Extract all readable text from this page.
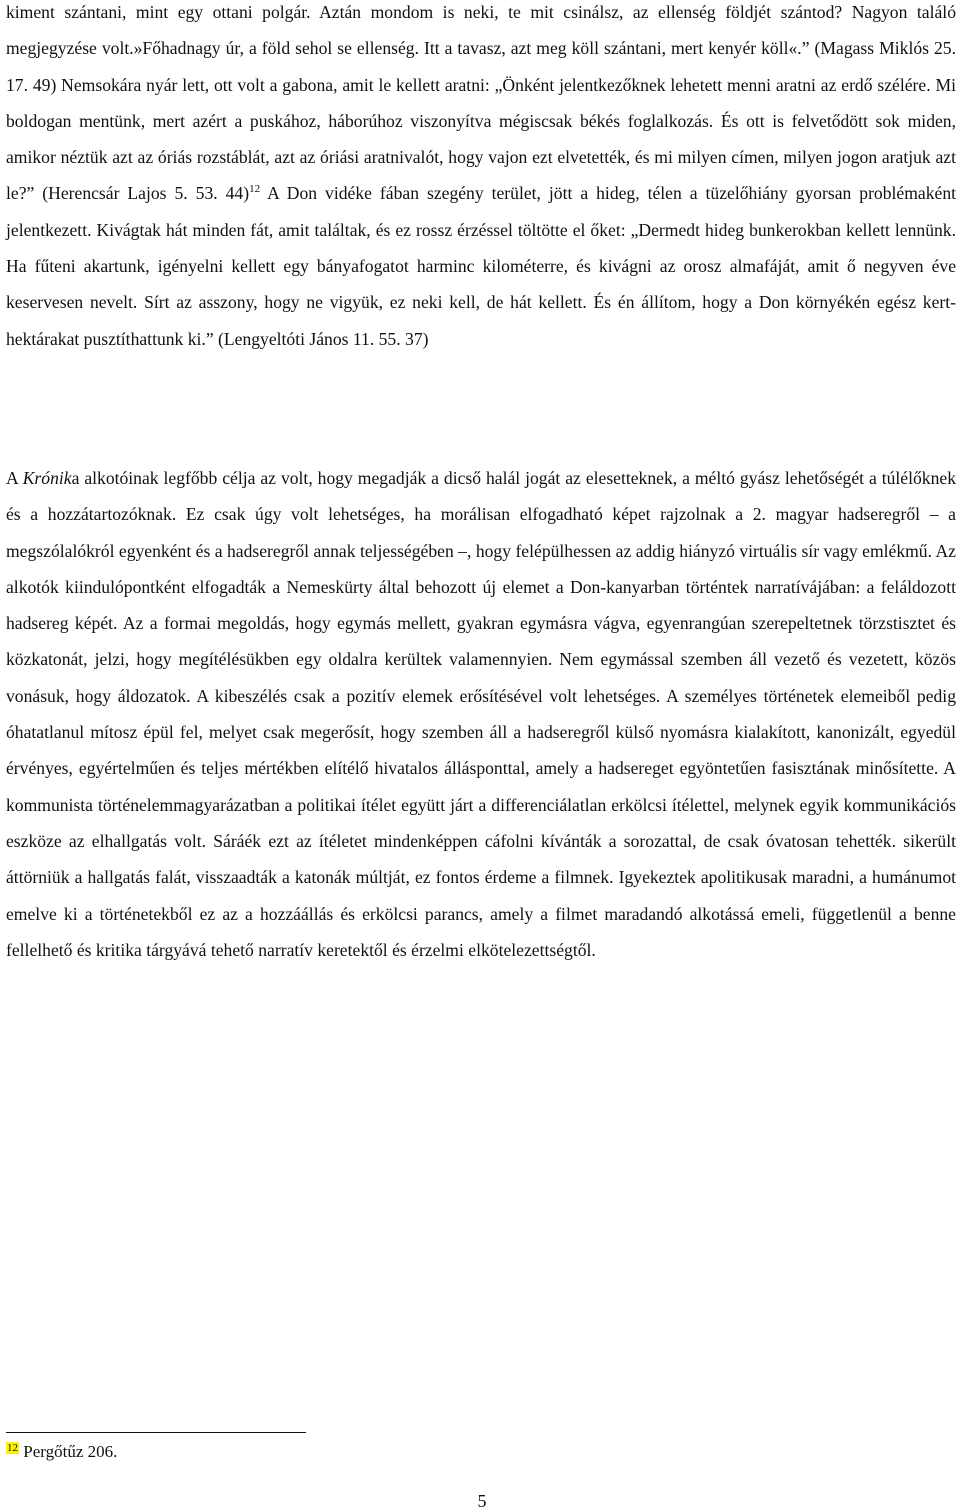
kiment szántani, mint egy ottani polgár. Aztán mondom is neki, te mit csinálsz, az ellenség földjét szántod? Nagyon találó megjegyzése volt.»Főhadnagy úr, a föld sehol se ellenség. Itt a tavasz, azt meg köll szántani, mert kenyér köll«.” (Magass Miklós 25. 17. 49) Nemsokára nyár lett, ott volt a gabona, amit le kellett aratni: „Önként jelentkezőknek lehetett menni aratni az erdő szélére. Mi boldogan mentünk, mert azért a puskához, háborúhoz viszonyítva mégiscsak békés foglalkozás. És ott is felvetődött sok miden, amikor néztük azt az óriás rozstáblát, azt az óriási aratnivalót, hogy vajon ezt elvetették, és mi milyen címen, milyen jogon aratjuk azt le?” (Herencsár Lajos 5. 53. 44)$^{12}$ A Don vidéke fában szegény terület, jött a hideg, télen a tüzelőhiány gyorsan problémaként jelentkezett. Kivágtak hát minden fát, amit találtak, és ez rossz érzéssel töltötte el őket: „Dermedt hideg bunkerokban kellett lennünk. Ha fűteni akartunk, igényelni kellett egy bányafogatot harminc kilométerre, és kivágni az orosz almafáját, amit ő negyven éve keservesen nevelt. Sírt az asszony, hogy ne vigyük, ez neki kell, de hát kellett. És én állítom, hogy a Don környékén egész kert-hektárakat pusztíthattunk ki.” (Lengyeltóti János 11. 55. 37)

A Krónika alkotóinak legfőbb célja az volt, hogy megadják a dicső halál jogát az elesetteknek, a méltó gyász lehetőségét a túlélőknek és a hozzátartozóknak. Ez csak úgy volt lehetséges, ha morálisan elfogadható képet rajzolnak a 2. magyar hadseregről – a megszólalókról egyenként és a hadseregről annak teljességében –, hogy felépülhessen az addig hiányzó virtuális sír vagy emlékmű. Az alkotók kiindulópontként elfogadták a Nemeskürty által behozott új elemet a Don-kanyarban történtek narratívájában: a feláldozott hadsereg képét. Az a formai megoldás, hogy egymás mellett, gyakran egymásra vágva, egyenrangúan szerepeltetnek törzstisztet és közkatonát, jelzi, hogy megítélésükben egy oldalra kerültek valamennyien. Nem egymással szemben áll vezető és vezetett, közös vonásuk, hogy áldozatok. A kibeszélés csak a pozitív elemek erősítésével volt lehetséges. A személyes történetek elemeiből pedig óhatatlanul mítosz épül fel, melyet csak megerősít, hogy szemben áll a hadseregről külső nyomásra kialakított, kanonizált, egyedül érvényes, egyértelműen és teljes mértékben elítélő hivatalos állásponttal, amely a hadsereget egyöntetűen fasisztának minősítette. A kommunista történelemmagyarázatban a politikai ítélet együtt járt a differenciálatlan erkölcsi ítélettel, melynek egyik kommunikációs eszköze az elhallgatás volt. Sáráék ezt az ítéletet mindenképpen cáfolni kívánták a sorozattal, de csak óvatosan tehették. sikerült áttörniük a hallgatás falát, visszaadták a katonák múltját, ez fontos érdeme a filmnek. Igyekeztek apolitikusak maradni, a humánumot emelve ki a történetekből ez az a hozzáállás és erkölcsi parancs, amely a filmet maradandó alkotássá emeli, függetlenül a benne fellelhető és kritika tárgyává tehető narratív keretektől és érzelmi elkötelezettségtől.

$^{12}$ Pergőtűz 206.

5
